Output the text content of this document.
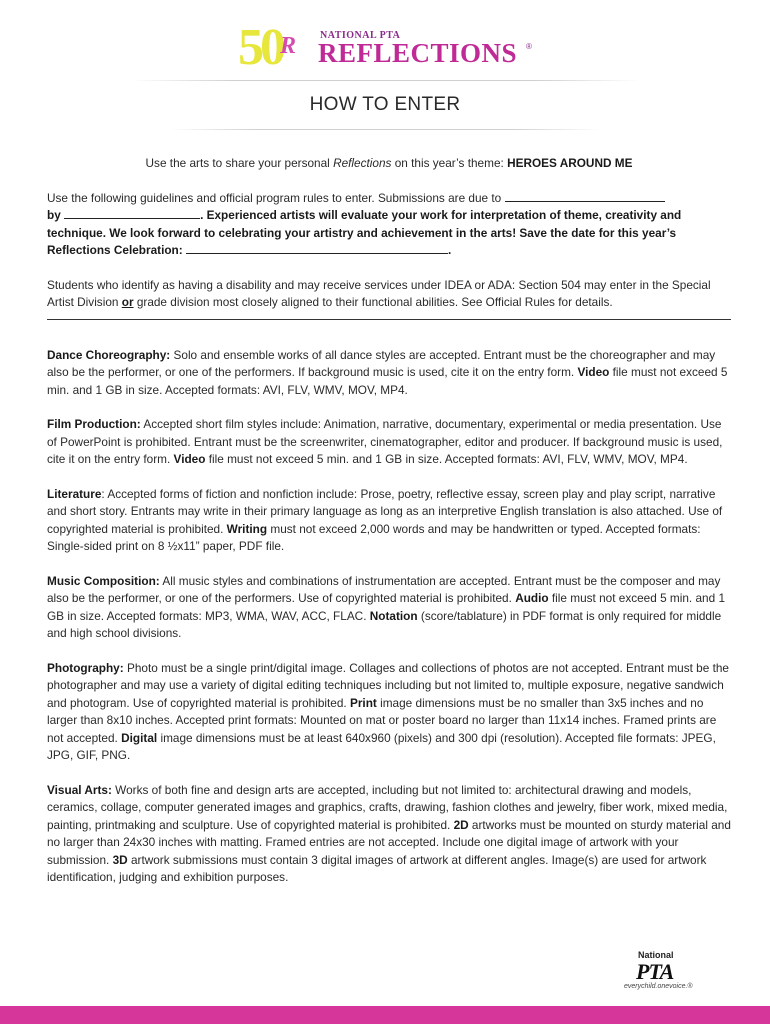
50
R NATIONAL PTA
REFLECTIONS ®
HOW TO ENTER

Use the arts to share your personal Reflections on this year’s theme: HEROES AROUND ME

Use the following guidelines and official program rules to enter. Submissions are due to
by	. Experienced artists will evaluate your work for interpretation of theme, creativity and technique. We look forward to celebrating your artistry and achievement in the arts! Save the date for this year’s Reflections Celebration:	.

Students who identify as having a disability and may receive services under IDEA or ADA: Section 504 may enter in the Special Artist Division or grade division most closely aligned to their functional abilities. See Official Rules for details.

Dance Choreography: Solo and ensemble works of all dance styles are accepted. Entrant must be the choreographer and may also be the performer, or one of the performers. If background music is used, cite it on the entry form. Video file must not exceed 5 min. and 1 GB in size. Accepted formats: AVI, FLV, WMV, MOV, MP4.

Film Production: Accepted short film styles include: Animation, narrative, documentary, experimental or media presentation. Use of PowerPoint is prohibited. Entrant must be the screenwriter, cinematographer, editor and producer. If background music is used, cite it on the entry form. Video file must not exceed 5 min. and 1 GB in size. Accepted formats: AVI, FLV, WMV, MOV, MP4.

Literature: Accepted forms of fiction and nonfiction include: Prose, poetry, reflective essay, screen play and play script, narrative and short story. Entrants may write in their primary language as long as an interpretive English translation is also attached. Use of copyrighted material is prohibited. Writing must not exceed 2,000 words and may be handwritten or typed. Accepted formats: Single-sided print on 8 ½x11” paper, PDF file.

Music Composition: All music styles and combinations of instrumentation are accepted. Entrant must be the composer and may also be the performer, or one of the performers. Use of copyrighted material is prohibited. Audio file must not exceed 5 min. and 1 GB in size. Accepted formats: MP3, WMA, WAV, ACC, FLAC. Notation (score/tablature) in PDF format is only required for middle and high school divisions.

Photography: Photo must be a single print/digital image. Collages and collections of photos are not accepted. Entrant must be the photographer and may use a variety of digital editing techniques including but not limited to, multiple exposure, negative sandwich and photogram. Use of copyrighted material is prohibited. Print image dimensions must be no smaller than 3x5 inches and no larger than 8x10 inches. Accepted print formats: Mounted on mat or poster board no larger than 11x14 inches. Framed prints are not accepted. Digital image dimensions must be at least 640x960 (pixels) and 300 dpi (resolution). Accepted file formats: JPEG, JPG, GIF, PNG.

Visual Arts: Works of both fine and design arts are accepted, including but not limited to: architectural drawing and models, ceramics, collage, computer generated images and graphics, crafts, drawing, fashion clothes and jewelry, fiber work, mixed media, painting, printmaking and sculpture. Use of copyrighted material is prohibited. 2D artworks must be mounted on sturdy material and no larger than 24x30 inches with matting. Framed entries are not accepted. Include one digital image of artwork with your submission. 3D artwork submissions must contain 3 digital images of artwork at different angles. Image(s) are used for artwork identification, judging and exhibition purposes.

National
PTA
everychild.onevoice.®
